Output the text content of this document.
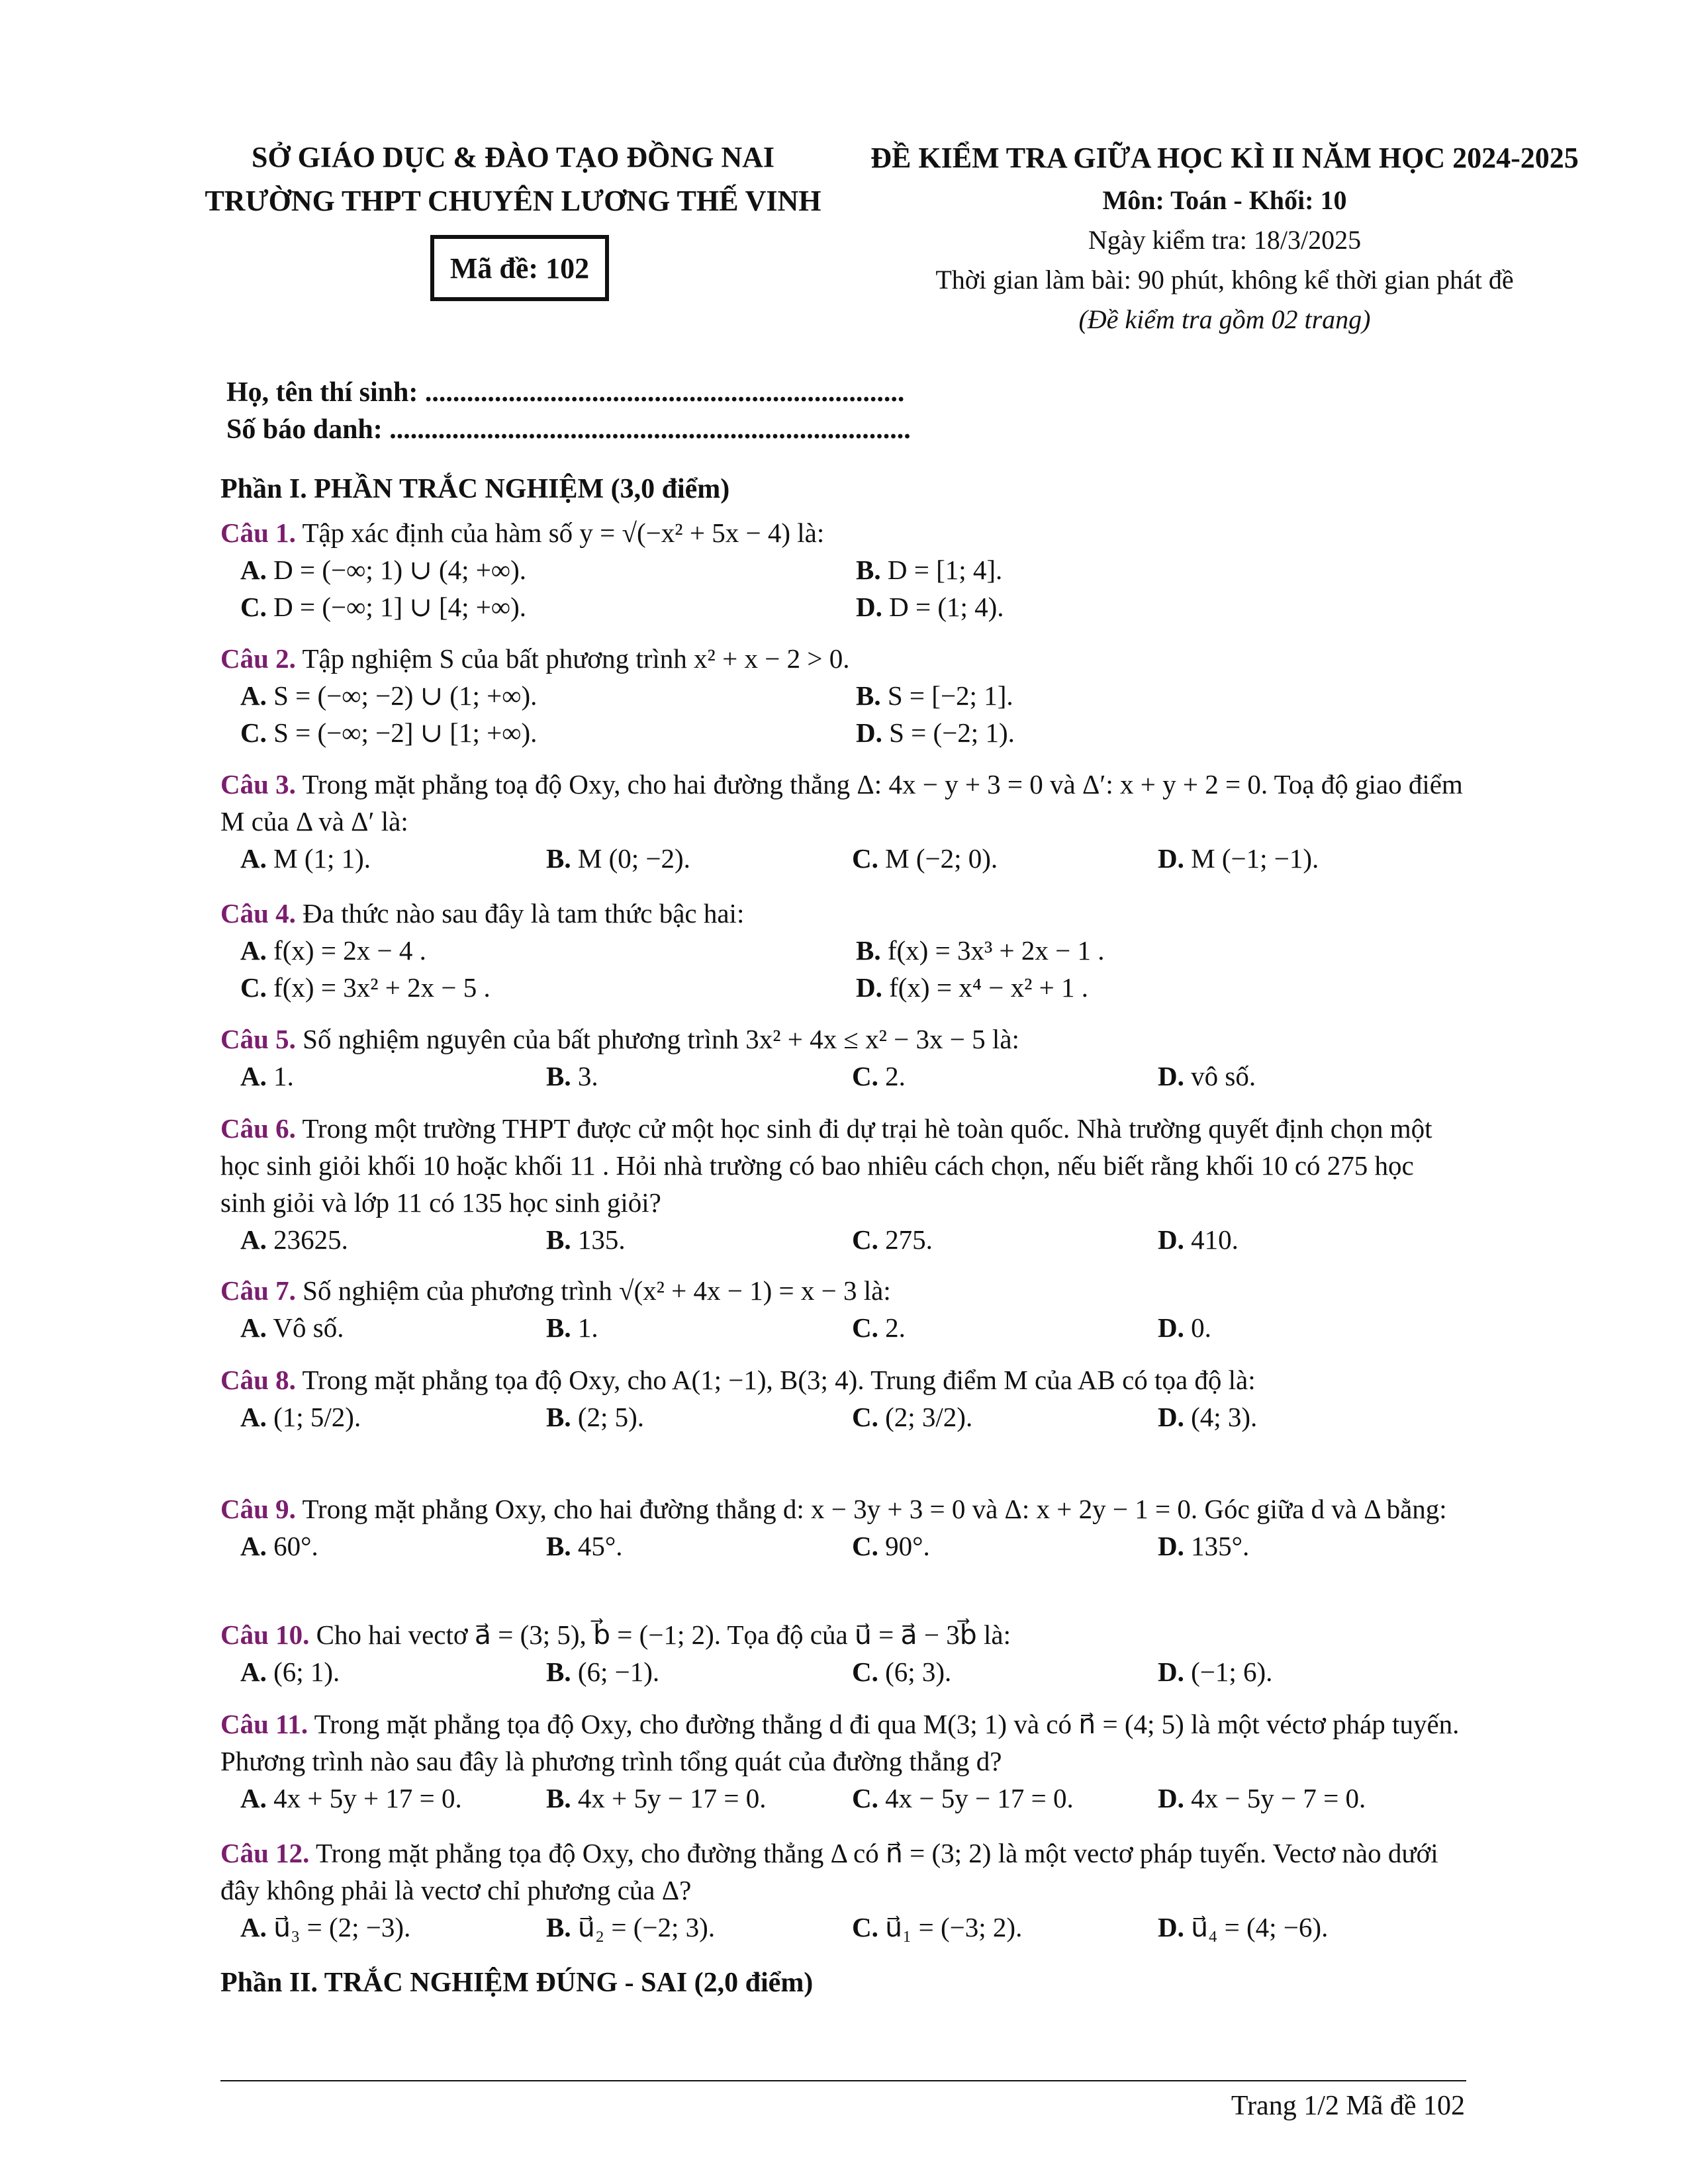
SỞ GIÁO DỤC & ĐÀO TẠO ĐỒNG NAI
TRƯỜNG THPT CHUYÊN LƯƠNG THẾ VINH
Mã đề: 102
ĐỀ KIỂM TRA GIỮA HỌC KÌ II NĂM HỌC 2024-2025
Môn: Toán - Khối: 10
Ngày kiểm tra: 18/3/2025
Thời gian làm bài: 90 phút, không kể thời gian phát đề
(Đề kiểm tra gồm 02 trang)
Họ, tên thí sinh: .....................................................................
Số báo danh: ...........................................................................
Phần I. PHẦN TRẮC NGHIỆM (3,0 điểm)
Câu 1. Tập xác định của hàm số y = √(−x² + 5x − 4) là:
A. D = (−∞; 1) ∪ (4; +∞).	B. D = [1; 4].
C. D = (−∞; 1] ∪ [4; +∞).	D. D = (1; 4).
Câu 2. Tập nghiệm S của bất phương trình x² + x − 2 > 0.
A. S = (−∞; −2) ∪ (1; +∞).	B. S = [−2; 1].
C. S = (−∞; −2] ∪ [1; +∞).	D. S = (−2; 1).
Câu 3. Trong mặt phẳng toạ độ Oxy, cho hai đường thẳng Δ: 4x − y + 3 = 0 và Δ′: x + y + 2 = 0. Toạ độ giao điểm M của Δ và Δ′ là:
A. M (1; 1).	B. M (0; −2).	C. M (−2; 0).	D. M (−1; −1).
Câu 4. Đa thức nào sau đây là tam thức bậc hai:
A. f(x) = 2x − 4 .	B. f(x) = 3x³ + 2x − 1 .
C. f(x) = 3x² + 2x − 5 .	D. f(x) = x⁴ − x² + 1 .
Câu 5. Số nghiệm nguyên của bất phương trình 3x² + 4x ≤ x² − 3x − 5 là:
A. 1.	B. 3.	C. 2.	D. vô số.
Câu 6. Trong một trường THPT được cử một học sinh đi dự trại hè toàn quốc. Nhà trường quyết định chọn một học sinh giỏi khối 10 hoặc khối 11 . Hỏi nhà trường có bao nhiêu cách chọn, nếu biết rằng khối 10 có 275 học sinh giỏi và lớp 11 có 135 học sinh giỏi?
A. 23625.	B. 135.	C. 275.	D. 410.
Câu 7. Số nghiệm của phương trình √(x² + 4x − 1) = x − 3 là:
A. Vô số.	B. 1.	C. 2.	D. 0.
Câu 8. Trong mặt phẳng tọa độ Oxy, cho A(1; −1), B(3; 4). Trung điểm M của AB có tọa độ là:
A. (1; 5/2).	B. (2; 5).	C. (2; 3/2).	D. (4; 3).
Câu 9. Trong mặt phẳng Oxy, cho hai đường thẳng d: x − 3y + 3 = 0 và Δ: x + 2y − 1 = 0. Góc giữa d và Δ bằng:
A. 60°.	B. 45°.	C. 90°.	D. 135°.
Câu 10. Cho hai vectơ a⃗ = (3; 5), b⃗ = (−1; 2). Tọa độ của u⃗ = a⃗ − 3b⃗ là:
A. (6; 1).	B. (6; −1).	C. (6; 3).	D. (−1; 6).
Câu 11. Trong mặt phẳng tọa độ Oxy, cho đường thẳng d đi qua M(3; 1) và có n⃗ = (4; 5) là một véctơ pháp tuyến. Phương trình nào sau đây là phương trình tổng quát của đường thẳng d?
A. 4x + 5y + 17 = 0.	B. 4x + 5y − 17 = 0.	C. 4x − 5y − 17 = 0.	D. 4x − 5y − 7 = 0.
Câu 12. Trong mặt phẳng tọa độ Oxy, cho đường thẳng Δ có n⃗ = (3; 2) là một vectơ pháp tuyến. Vectơ nào dưới đây không phải là vectơ chỉ phương của Δ?
A. u⃗₃ = (2; −3).	B. u⃗₂ = (−2; 3).	C. u⃗₁ = (−3; 2).	D. u⃗₄ = (4; −6).
Phần II. TRẮC NGHIỆM ĐÚNG - SAI (2,0 điểm)
Trang 1/2 Mã đề 102
